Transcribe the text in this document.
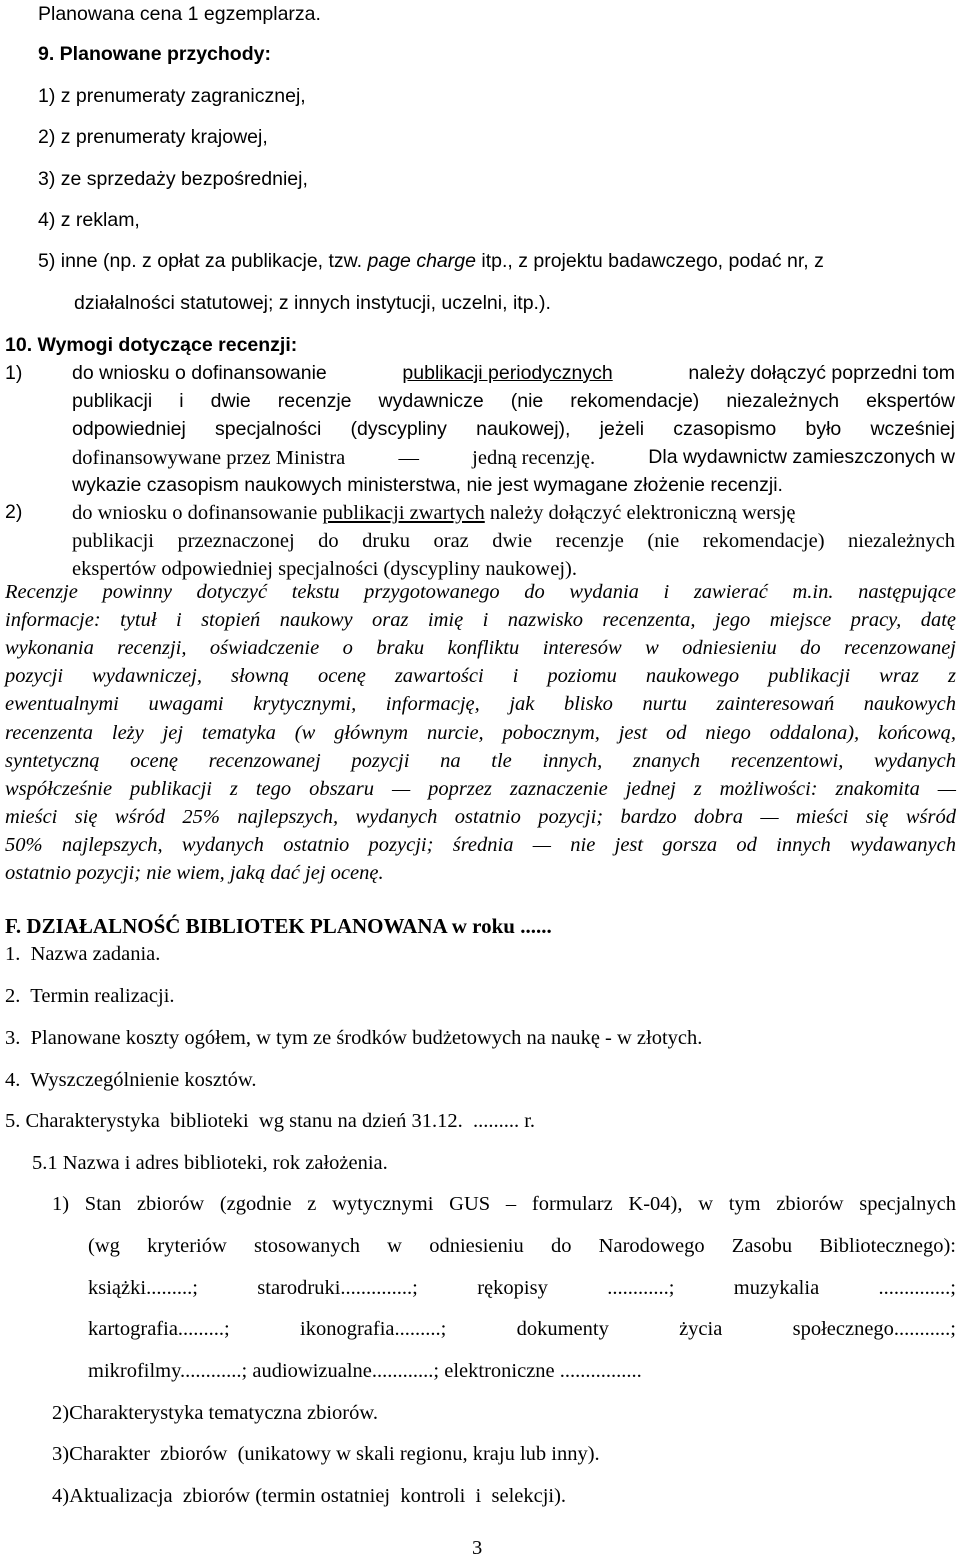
Planowana cena 1 egzemplarza.
9. Planowane przychody:
1) z prenumeraty zagranicznej,
2) z prenumeraty krajowej,
3) ze sprzedaży bezpośredniej,
4) z reklam,
5) inne (np. z opłat za publikacje, tzw. page charge itp., z projektu badawczego, podać nr, z
działalności statutowej; z innych instytucji, uczelni, itp.).
10. Wymogi dotyczące recenzji:
1)	do wniosku o dofinansowanie	publikacji periodycznych	należy dołączyć poprzedni tom
publikacji i dwie recenzje wydawnicze (nie rekomendacje) niezależnych ekspertów
odpowiedniej specjalności (dyscypliny naukowej), jeżeli czasopismo było wcześniej
dofinansowywane przez Ministra	—	jedną recenzję.	Dla wydawnictw zamieszczonych w
wykazie czasopism naukowych ministerstwa, nie jest wymagane złożenie recenzji.
2) do wniosku o dofinansowanie publikacji zwartych należy dołączyć elektroniczną wersję
publikacji przeznaczonej do druku oraz dwie recenzje (nie rekomendacje) niezależnych
ekspertów odpowiedniej specjalności (dyscypliny naukowej).
Recenzje powinny dotyczyć tekstu przygotowanego do wydania i zawierać m.in. następujące
informacje: tytuł i stopień naukowy oraz imię i nazwisko recenzenta, jego miejsce pracy, datę
wykonania recenzji, oświadczenie o braku konfliktu interesów w odniesieniu do recenzowanej
pozycji wydawniczej, słowną ocenę zawartości i poziomu naukowego publikacji wraz z
ewentualnymi uwagami krytycznymi, informację, jak blisko nurtu zainteresowań naukowych
recenzenta leży jej tematyka (w głównym nurcie, pobocznym, jest od niego oddalona), końcową,
syntetyczną ocenę recenzowanej pozycji na tle innych, znanych recenzentowi, wydanych
współcześnie publikacji z tego obszaru — poprzez zaznaczenie jednej z możliwości: znakomita —
mieści się wśród 25% najlepszych, wydanych ostatnio pozycji; bardzo dobra — mieści się wśród
50% najlepszych, wydanych ostatnio pozycji; średnia — nie jest gorsza od innych wydawanych
ostatnio pozycji; nie wiem, jaką dać jej ocenę.
F. DZIAŁALNOŚĆ BIBLIOTEK PLANOWANA w roku ......
1.  Nazwa zadania.
2.  Termin realizacji.
3.  Planowane koszty ogółem, w tym ze środków budżetowych na naukę - w złotych.
4.  Wyszczególnienie kosztów.
5. Charakterystyka  biblioteki  wg stanu na dzień 31.12.  ......... r.
5.1 Nazwa i adres biblioteki, rok założenia.
1) Stan zbiorów (zgodnie z wytycznymi GUS – formularz K-04), w tym zbiorów specjalnych
(wg kryteriów stosowanych w odniesieniu do Narodowego Zasobu Bibliotecznego):
książki.........; starodruki..............; rękopisy ............; muzykalia ..............;
kartografia.........; ikonografia.........; dokumenty życia społecznego...........;
mikrofilmy............; audiowizualne............; elektroniczne ................
2)Charakterystyka tematyczna zbiorów.
3)Charakter  zbiorów  (unikatowy w skali regionu, kraju lub inny).
4)Aktualizacja  zbiorów (termin ostatniej  kontroli  i  selekcji).
3
